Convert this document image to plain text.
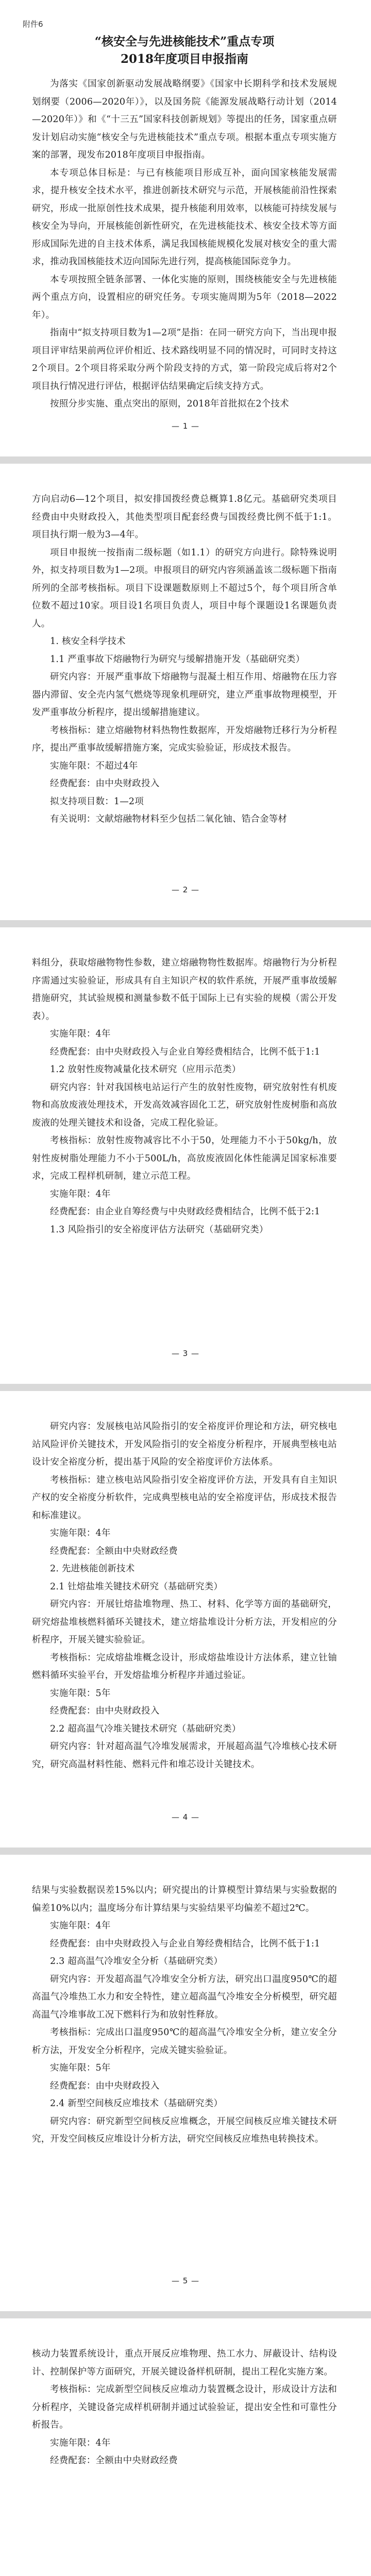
附件6
“核安全与先进核能技术”重点专项
2018年度项目申报指南

为落实《国家创新驱动发展战略纲要》《国家中长期科学和技术发展规划纲要（2006—2020年）》，以及国务院《能源发展战略行动计划（2014—2020年）》和《“十三五”国家科技创新规划》等提出的任务，国家重点研发计划启动实施“核安全与先进核能技术”重点专项。根据本重点专项实施方案的部署，现发布2018年度项目申报指南。

本专项总体目标是：与已有核能项目形成互补，面向国家核能发展需求，提升核安全技术水平，推进创新技术研究与示范，开展核能前沿性探索研究，形成一批原创性技术成果，提升核能利用效率，以核能可持续发展与核安全为导向，开展核能创新性研究，在先进核能技术、核安全技术等方面形成国际先进的自主技术体系，满足我国核能规模化发展对核安全的重大需求，推动我国核能技术迈向国际先进行列，提高核能国际竞争力。

本专项按照全链条部署、一体化实施的原则，围绕核能安全与先进核能两个重点方向，设置相应的研究任务。专项实施周期为5年（2018—2022年）。

指南中“拟支持项目数为1—2项”是指：在同一研究方向下，当出现申报项目评审结果前两位评价相近、技术路线明显不同的情况时，可同时支持这2个项目。2个项目将采取分两个阶段支持的方式，第一阶段完成后将对2个项目执行情况进行评估，根据评估结果确定后续支持方式。

按照分步实施、重点突出的原则，2018年首批拟在2个技术

— 1 —

方向启动6—12个项目，拟安排国拨经费总概算1.8亿元。基础研究类项目经费由中央财政投入，其他类型项目配套经费与国拨经费比例不低于1:1。项目执行期一般为3—4年。

项目申报统一按指南二级标题（如1.1）的研究方向进行。除特殊说明外，拟支持项目数为1—2项。申报项目的研究内容须涵盖该二级标题下指南所列的全部考核指标。项目下设课题数原则上不超过5个，每个项目所含单位数不超过10家。项目设1名项目负责人，项目中每个课题设1名课题负责人。

1. 核安全科学技术

1.1 严重事故下熔融物行为研究与缓解措施开发（基础研究类）

研究内容：开展严重事故下熔融物与混凝土相互作用、熔融物在压力容器内滞留、安全壳内氢气燃烧等现象机理研究，建立严重事故物理模型，开发严重事故分析程序，提出缓解措施建议。

考核指标：建立熔融物材料热物性数据库，开发熔融物迁移行为分析程序，提出严重事故缓解措施方案，完成实验验证，形成技术报告。

实施年限：不超过4年

经费配套：由中央财政投入

拟支持项目数：1—2项

有关说明：文献熔融物材料至少包括二氧化铀、锆合金等材

— 2 —

料组分，获取熔融物物性参数，建立熔融物物性数据库。熔融物行为分析程序需通过实验验证，形成具有自主知识产权的软件系统，开展严重事故缓解措施研究，其试验规模和测量参数不低于国际上已有实验的规模（需公开发表）。

实施年限：4年

经费配套：由中央财政投入与企业自筹经费相结合，比例不低于1:1

1.2 放射性废物减量化技术研究（应用示范类）

研究内容：针对我国核电站运行产生的放射性废物，研究放射性有机废物和高放废液处理技术，开发高效减容固化工艺，研究放射性废树脂和高放废液的处理关键技术和设备，完成工程化验证。

考核指标：放射性废物减容比不小于50，处理能力不小于50kg/h，放射性废树脂处理能力不小于500L/h，高放废液固化体性能满足国家标准要求，完成工程样机研制，建立示范工程。

实施年限：4年

经费配套：由企业自筹经费与中央财政经费相结合，比例不低于2:1

1.3 风险指引的安全裕度评估方法研究（基础研究类）

— 3 —

研究内容：发展核电站风险指引的安全裕度评价理论和方法，研究核电站风险评价关键技术，开发风险指引的安全裕度分析程序，开展典型核电站设计安全裕度分析，提出基于风险的安全裕度评价方法体系。

考核指标：建立核电站风险指引安全裕度评价方法，开发具有自主知识产权的安全裕度分析软件，完成典型核电站的安全裕度评估，形成技术报告和标准建议。

实施年限：4年

经费配套：全额由中央财政经费

2. 先进核能创新技术

2.1 钍熔盐堆关键技术研究（基础研究类）

研究内容：开展钍熔盐堆物理、热工、材料、化学等方面的基础研究，研究熔盐堆核燃料循环关键技术，建立熔盐堆设计分析方法，开发相应的分析程序，开展关键实验验证。

考核指标：完成熔盐堆概念设计，形成熔盐堆设计方法体系，建立钍铀燃料循环实验平台，开发熔盐堆分析程序并通过验证。

实施年限：5年

经费配套：由中央财政投入

2.2 超高温气冷堆关键技术研究（基础研究类）

研究内容：针对超高温气冷堆发展需求，开展超高温气冷堆核心技术研究，研究高温材料性能、燃料元件和堆芯设计关键技术。

— 4 —

结果与实验数据误差15%以内；研究提出的计算模型计算结果与实验数据的偏差10%以内；温度场分布计算结果与实验结果平均偏差不超过2℃。

实施年限：4年

经费配套：由中央财政投入与企业自筹经费相结合，比例不低于1:1

2.3 超高温气冷堆安全分析（基础研究类）

研究内容：开发超高温气冷堆安全分析方法，研究出口温度950℃的超高温气冷堆热工水力和安全特性，建立超高温气冷堆安全分析模型，研究超高温气冷堆事故工况下燃料行为和放射性释放。

考核指标：完成出口温度950℃的超高温气冷堆安全分析，建立安全分析方法，开发安全分析程序，完成关键实验验证。

实施年限：5年

经费配套：由中央财政投入

2.4 新型空间核反应堆技术（基础研究类）

研究内容：研究新型空间核反应堆概念，开展空间核反应堆关键技术研究，开发空间核反应堆设计分析方法，研究空间核反应堆热电转换技术。

— 5 —

核动力装置系统设计，重点开展反应堆物理、热工水力、屏蔽设计、结构设计、控制保护等方面研究，开展关键设备样机研制，提出工程化实施方案。

考核指标：完成新型空间核反应堆动力装置概念设计，形成设计方法和分析程序，关键设备完成样机研制并通过试验验证，提出安全性和可靠性分析报告。

实施年限：4年

经费配套：全额由中央财政经费
